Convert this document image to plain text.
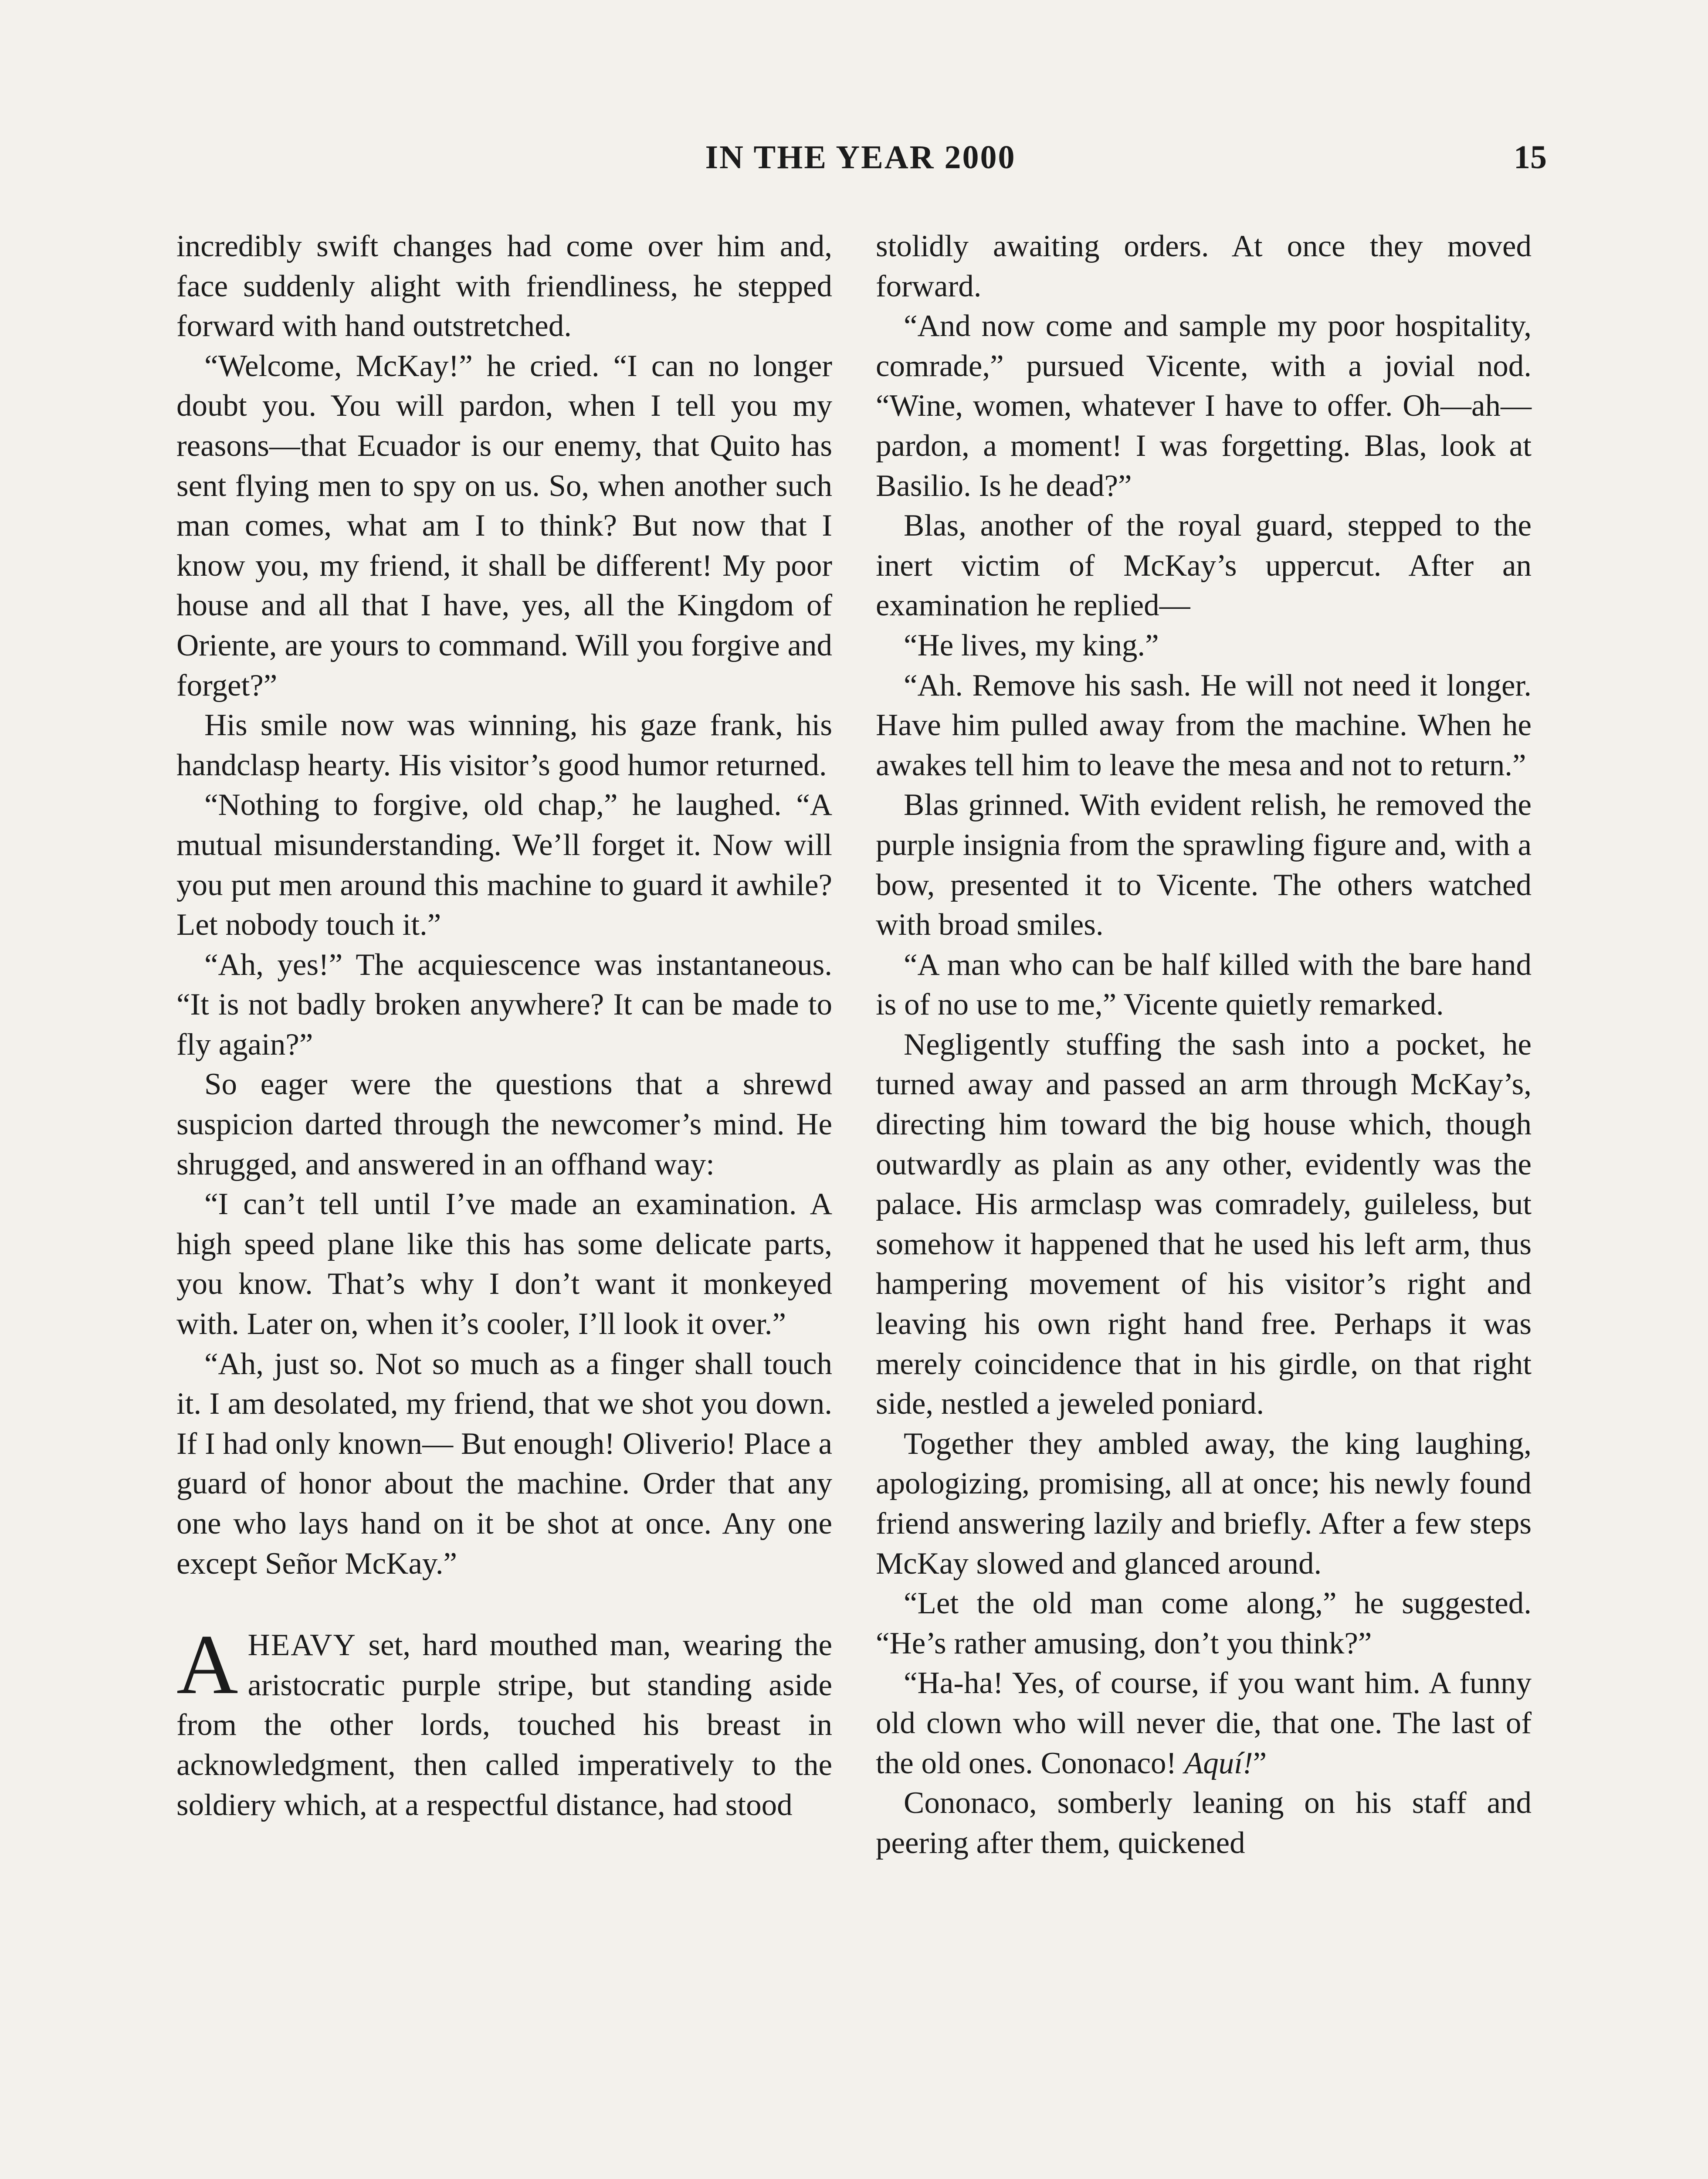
IN THE YEAR 2000	15

incredibly swift changes had come over him and, face suddenly alight with friendliness, he stepped forward with hand outstretched.

“Welcome, McKay!” he cried. “I can no longer doubt you. You will pardon, when I tell you my reasons—that Ecuador is our enemy, that Quito has sent flying men to spy on us. So, when another such man comes, what am I to think? But now that I know you, my friend, it shall be different! My poor house and all that I have, yes, all the Kingdom of Oriente, are yours to command. Will you forgive and forget?”

His smile now was winning, his gaze frank, his handclasp hearty. His visitor’s good humor returned.

“Nothing to forgive, old chap,” he laughed. “A mutual misunderstanding. We’ll forget it. Now will you put men around this machine to guard it awhile? Let nobody touch it.”

“Ah, yes!” The acquiescence was instantaneous. “It is not badly broken anywhere? It can be made to fly again?”

So eager were the questions that a shrewd suspicion darted through the newcomer’s mind. He shrugged, and answered in an offhand way:

“I can’t tell until I’ve made an examination. A high speed plane like this has some delicate parts, you know. That’s why I don’t want it monkeyed with. Later on, when it’s cooler, I’ll look it over.”

“Ah, just so. Not so much as a finger shall touch it. I am desolated, my friend, that we shot you down. If I had only known— But enough! Oliverio! Place a guard of honor about the machine. Order that any one who lays hand on it be shot at once. Any one except Señor McKay.”

AHEAVY set, hard mouthed man, wearing the aristocratic purple stripe, but standing aside from the other lords, touched his breast in acknowledgment, then called imperatively to the soldiery which, at a respectful distance, had stood

stolidly awaiting orders. At once they moved forward.

“And now come and sample my poor hospitality, comrade,” pursued Vicente, with a jovial nod. “Wine, women, whatever I have to offer. Oh—ah—pardon, a moment! I was forgetting. Blas, look at Basilio. Is he dead?”

Blas, another of the royal guard, stepped to the inert victim of McKay’s uppercut. After an examination he replied—

“He lives, my king.”

“Ah. Remove his sash. He will not need it longer. Have him pulled away from the machine. When he awakes tell him to leave the mesa and not to return.”

Blas grinned. With evident relish, he removed the purple insignia from the sprawling figure and, with a bow, presented it to Vicente. The others watched with broad smiles.

“A man who can be half killed with the bare hand is of no use to me,” Vicente quietly remarked.

Negligently stuffing the sash into a pocket, he turned away and passed an arm through McKay’s, directing him toward the big house which, though outwardly as plain as any other, evidently was the palace. His armclasp was comradely, guileless, but somehow it happened that he used his left arm, thus hampering movement of his visitor’s right and leaving his own right hand free. Perhaps it was merely coincidence that in his girdle, on that right side, nestled a jeweled poniard.

Together they ambled away, the king laughing, apologizing, promising, all at once; his newly found friend answering lazily and briefly. After a few steps McKay slowed and glanced around.

“Let the old man come along,” he suggested. “He’s rather amusing, don’t you think?”

“Ha-ha! Yes, of course, if you want him. A funny old clown who will never die, that one. The last of the old ones. Cononaco! Aquí!”

Cononaco, somberly leaning on his staff and peering after them, quickened
